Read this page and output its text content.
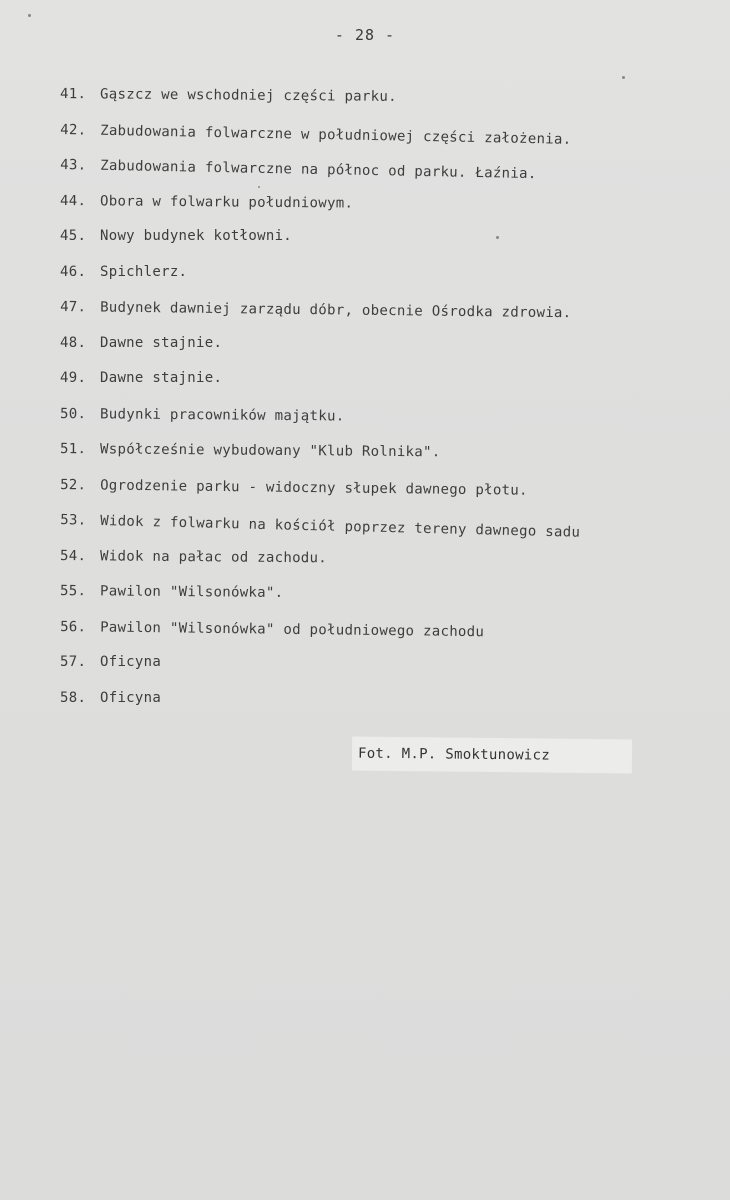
- 28 -
41. Gąszcz we wschodniej części parku.
42. Zabudowania folwarczne w południowej części założenia.
43. Zabudowania folwarczne na północ od parku. Łaźnia.
44. Obora w folwarku południowym.
45. Nowy budynek kotłowni.
46. Spichlerz.
47. Budynek dawniej zarządu dóbr, obecnie Ośrodka zdrowia.
48. Dawne stajnie.
49. Dawne stajnie.
50. Budynki pracowników majątku.
51. Współcześnie wybudowany "Klub Rolnika".
52. Ogrodzenie parku - widoczny słupek dawnego płotu.
53. Widok z folwarku na kościół poprzez tereny dawnego sadu
54. Widok na pałac od zachodu.
55. Pawilon "Wilsonówka".
56. Pawilon "Wilsonówka" od południowego zachodu
57. Oficyna
58. Oficyna
Fot. M.P. Smoktunowicz
